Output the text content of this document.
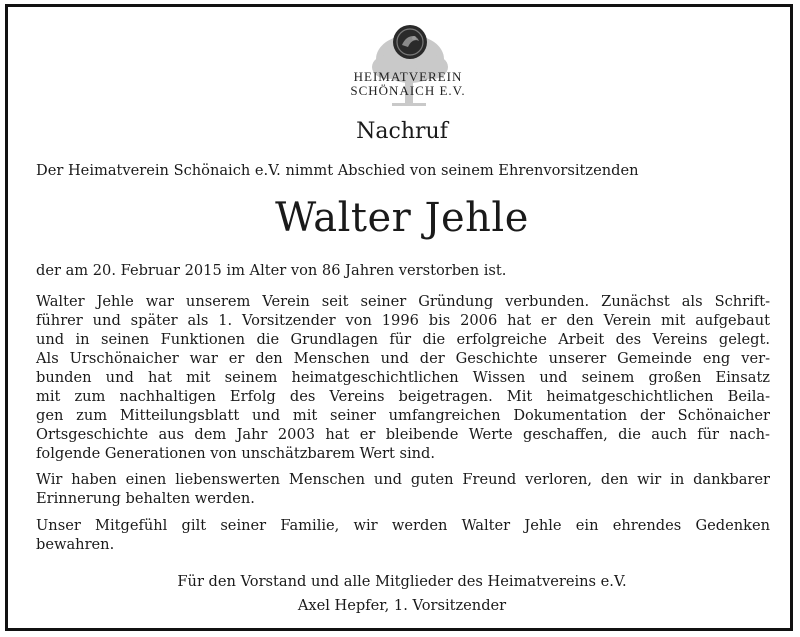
HEIMATVEREIN
SCHÖNAICH E.V.
Nachruf
Der Heimatverein Schönaich e.V. nimmt Abschied von seinem Ehrenvorsitzenden
Walter Jehle
der am 20. Februar 2015 im Alter von 86 Jahren verstorben ist.
Walter Jehle war unserem Verein seit seiner Gründung verbunden. Zunächst als Schrift-
führer und später als 1. Vorsitzender von 1996 bis 2006 hat er den Verein mit aufgebaut
und in seinen Funktionen die Grundlagen für die erfolgreiche Arbeit des Vereins gelegt.
Als Urschönaicher war er den Menschen und der Geschichte unserer Gemeinde eng ver-
bunden und hat mit seinem heimatgeschichtlichen Wissen und seinem großen Einsatz
mit zum nachhaltigen Erfolg des Vereins beigetragen. Mit heimatgeschichtlichen Beila-
gen zum Mitteilungsblatt und mit seiner umfangreichen Dokumentation der Schönaicher
Ortsgeschichte aus dem Jahr 2003 hat er bleibende Werte geschaffen, die auch für nach-
folgende Generationen von unschätzbarem Wert sind.
Wir haben einen liebenswerten Menschen und guten Freund verloren, den wir in dankbarer
Erinnerung behalten werden.
Unser Mitgefühl gilt seiner Familie, wir werden Walter Jehle ein ehrendes Gedenken
bewahren.
Für den Vorstand und alle Mitglieder des Heimatvereins e.V.
Axel Hepfer, 1. Vorsitzender
